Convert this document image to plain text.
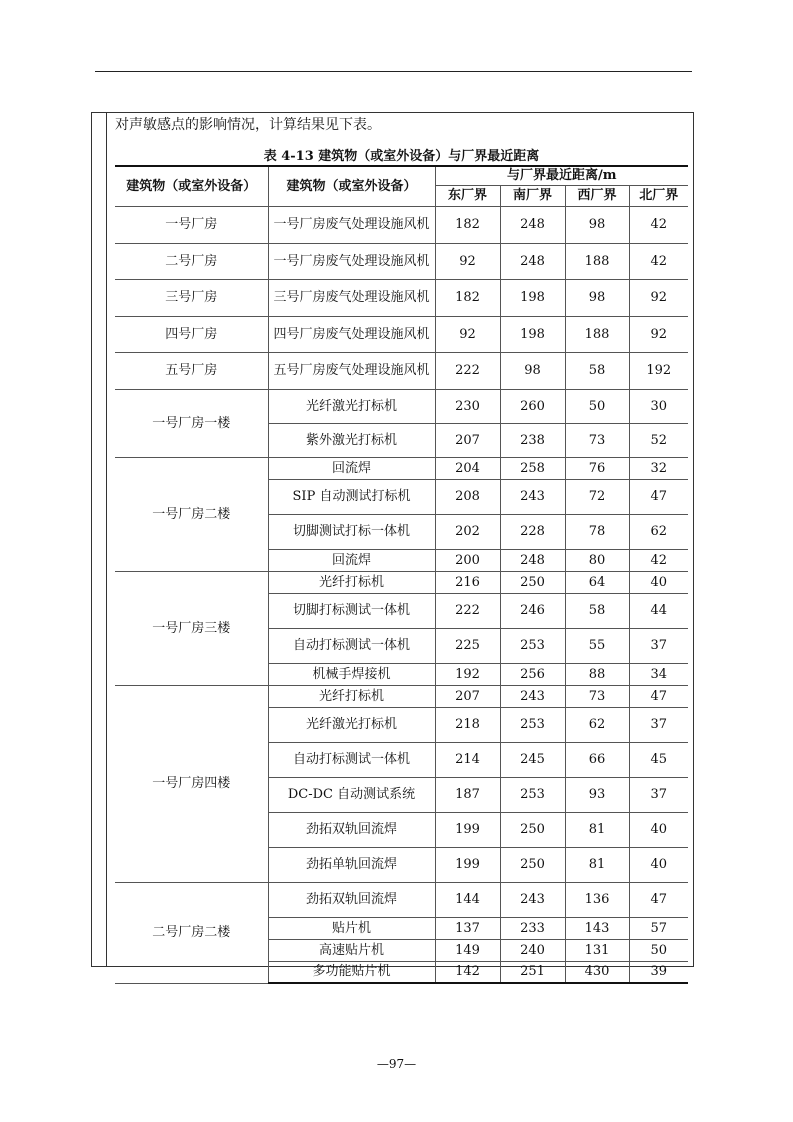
对声敏感点的影响情况，计算结果见下表。
表 4-13 建筑物（或室外设备）与厂界最近距离
建筑物（或室外设备）	建筑物（或室外设备）	与厂界最近距离/m			
		东厂界	南厂界	西厂界	北厂界
一号厂房	一号厂房废气处理设施风机	182	248	98	42
二号厂房	一号厂房废气处理设施风机	92	248	188	42
三号厂房	三号厂房废气处理设施风机	182	198	98	92
四号厂房	四号厂房废气处理设施风机	92	198	188	92
五号厂房	五号厂房废气处理设施风机	222	98	58	192
一号厂房一楼	光纤激光打标机	230	260	50	30
	紫外激光打标机	207	238	73	52
一号厂房二楼	回流焊	204	258	76	32
	SIP 自动测试打标机	208	243	72	47
	切脚测试打标一体机	202	228	78	62
	回流焊	200	248	80	42
一号厂房三楼	光纤打标机	216	250	64	40
	切脚打标测试一体机	222	246	58	44
	自动打标测试一体机	225	253	55	37
	机械手焊接机	192	256	88	34
一号厂房四楼	光纤打标机	207	243	73	47
	光纤激光打标机	218	253	62	37
	自动打标测试一体机	214	245	66	45
	DC-DC 自动测试系统	187	253	93	37
	劲拓双轨回流焊	199	250	81	40
	劲拓单轨回流焊	199	250	81	40
二号厂房二楼	劲拓双轨回流焊	144	243	136	47
	贴片机	137	233	143	57
	高速贴片机	149	240	131	50
	多功能贴片机	142	251	430	39
—97—
